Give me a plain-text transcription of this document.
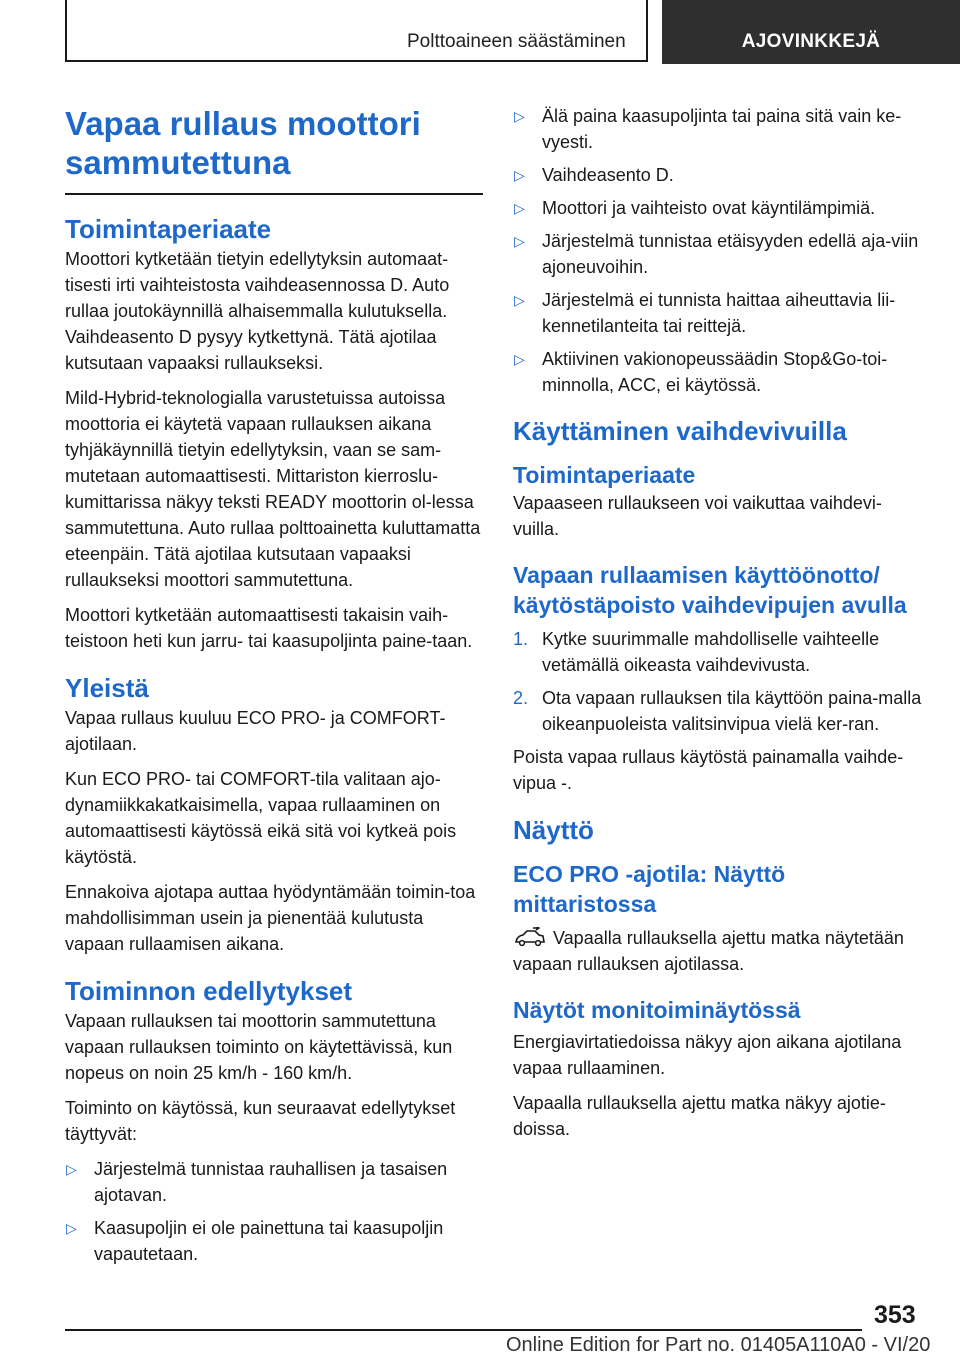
Polttoaineen säästäminen	AJOVINKKEJÄ
Vapaa rullaus moottori sammutettuna
Toimintaperiaate

Moottori kytketään tietyin edellytyksin automaat-tisesti irti vaihteistosta vaihdeasennossa D. Auto rullaa joutokäynnillä alhaisemmalla kulutuksella. Vaihdeasento D pysyy kytkettynä. Tätä ajotilaa kutsutaan vapaaksi rullaukseksi.

Mild-Hybrid-teknologialla varustetuissa autoissa moottoria ei käytetä vapaan rullauksen aikana tyhjäkäynnillä tietyin edellytyksin, vaan se sam-mutetaan automaattisesti. Mittariston kierroslu-kumittarissa näkyy teksti READY moottorin ol-lessa sammutettuna. Auto rullaa polttoainetta kuluttamatta eteenpäin. Tätä ajotilaa kutsutaan vapaaksi rullaukseksi moottori sammutettuna.

Moottori kytketään automaattisesti takaisin vaih-teistoon heti kun jarru- tai kaasupoljinta paine-taan.

Yleistä

Vapaa rullaus kuuluu ECO PRO- ja COMFORT-ajotilaan.

Kun ECO PRO- tai COMFORT-tila valitaan ajo-dynamiikkakatkaisimella, vapaa rullaaminen on automaattisesti käytössä eikä sitä voi kytkeä pois käytöstä.

Ennakoiva ajotapa auttaa hyödyntämään toimin-toa mahdollisimman usein ja pienentää kulutusta vapaan rullaamisen aikana.

Toiminnon edellytykset

Vapaan rullauksen tai moottorin sammutettuna vapaan rullauksen toiminto on käytettävissä, kun nopeus on noin 25 km/h - 160 km/h.

Toiminto on käytössä, kun seuraavat edellytykset täyttyvät:

▷ Järjestelmä tunnistaa rauhallisen ja tasaisen ajotavan.
▷ Kaasupoljin ei ole painettuna tai kaasupoljin vapautetaan.
▷ Älä paina kaasupoljinta tai paina sitä vain ke-vyesti.
▷ Vaihdeasento D.
▷ Moottori ja vaihteisto ovat käyntilämpimiä.
▷ Järjestelmä tunnistaa etäisyyden edellä aja-viin ajoneuvoihin.
▷ Järjestelmä ei tunnista haittaa aiheuttavia lii-kennetilanteita tai reittejä.
▷ Aktiivinen vakionopeussäädin Stop&Go-toi-minnolla, ACC, ei käytössä.
Käyttäminen vaihdevivuilla
Toimintaperiaate

Vapaaseen rullaukseen voi vaikuttaa vaihdevi-vuilla.

Vapaan rullaamisen käyttöönotto/ käytöstäpoisto vaihdevipujen avulla
1. Kytke suurimmalle mahdolliselle vaihteelle vetämällä oikeasta vaihdevivusta.
2. Ota vapaan rullauksen tila käyttöön paina-malla oikeanpuoleista valitsinvipua vielä ker-ran.

Poista vapaa rullaus käytöstä painamalla vaihde-vipua -.

Näyttö
ECO PRO -ajotila: Näyttö mittaristossa

Vapaalla rullauksella ajettu matka näytetään vapaan rullauksen ajotilassa.

Näytöt monitoiminäytössä

Energiavirtatiedoissa näkyy ajon aikana ajotilana vapaa rullaaminen.

Vapaalla rullauksella ajettu matka näkyy ajotie-doissa.

353
Online Edition for Part no. 01405A110A0 - VI/20
